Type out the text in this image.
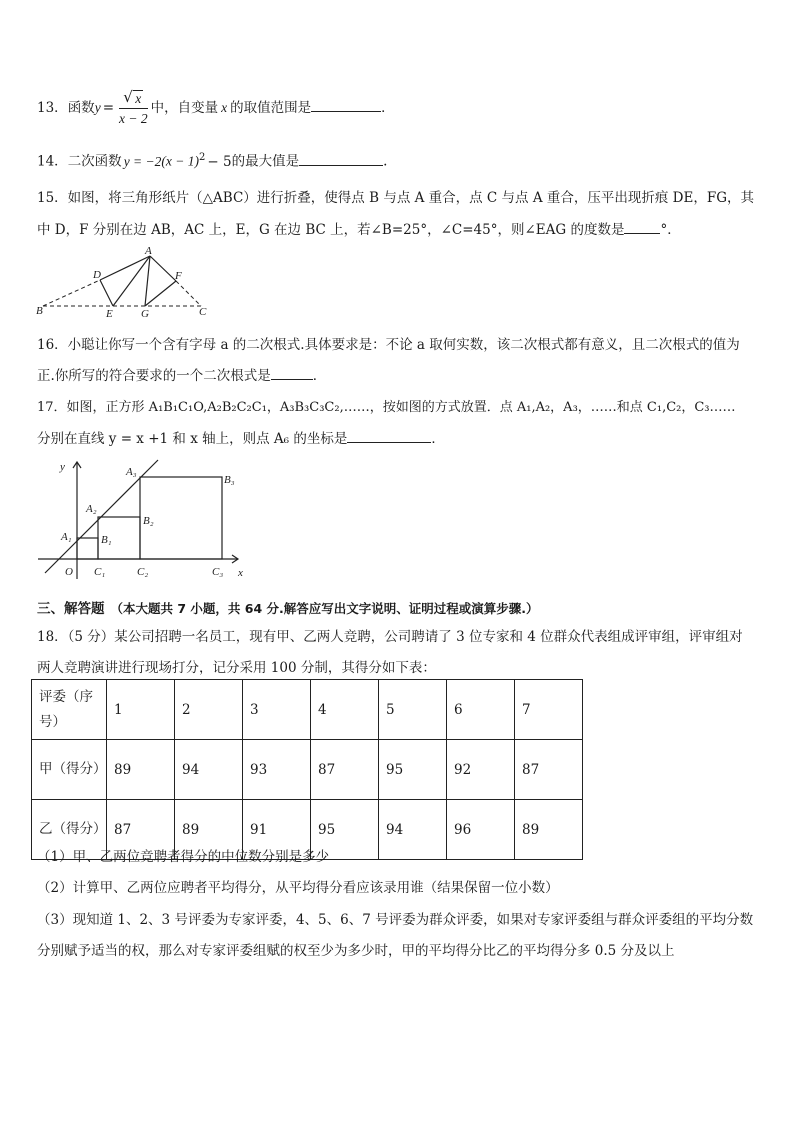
13．函数$y = \frac{√ x}{x - 2}$ 中，自变量 x 的取值范围是	．
14．二次函数 $y = -2(x - 1)^2 - 5$的最大值是	.
15．如图，将三角形纸片（△ABC）进行折叠，使得点 B 与点 A 重合，点 C 与点 A 重合，压平出现折痕 DE，FG，其
中 D，F 分别在边 AB，AC 上，E，G 在边 BC 上，若∠B=25°，∠C=45°，则∠EAG 的度数是	°．
A
B	C
D
E
F
G
16．小聪让你写一个含有字母 a 的二次根式.具体要求是：不论 a 取何实数，该二次根式都有意义，且二次根式的值为
正.你所写的符合要求的一个二次根式是	．
17．如图，正方形 A₁B₁C₁O,A₂B₂C₂C₁，A₃B₃C₃C₂,……，按如图的方式放置．点 A₁,A₂，A₃，……和点 C₁,C₂，C₃……
分别在直线 y = x +1 和 x 轴上，则点 A₆ 的坐标是	．
y
x
O
A₁
A₂
A₃
B₁
B₂
B₃
C₁	C₂	C₃
三、解答题 （本大题共 7 小题，共 64 分.解答应写出文字说明、证明过程或演算步骤.）
18．（5 分）某公司招聘一名员工，现有甲、乙两人竞聘，公司聘请了 3 位专家和 4 位群众代表组成评审组，评审组对
两人竞聘演讲进行现场打分，记分采用 100 分制，其得分如下表：
评委（序号）	1	2	3	4	5	6	7
甲（得分）	89	94	93	87	95	92	87
乙（得分）	87	89	91	95	94	96	89
（1）甲、乙两位竞聘者得分的中位数分别是多少
（2）计算甲、乙两位应聘者平均得分，从平均得分看应该录用谁（结果保留一位小数）
（3）现知道 1、2、3 号评委为专家评委，4、5、6、7 号评委为群众评委，如果对专家评委组与群众评委组的平均分数
分别赋予适当的权，那么对专家评委组赋的权至少为多少时，甲的平均得分比乙的平均得分多 0.5 分及以上
